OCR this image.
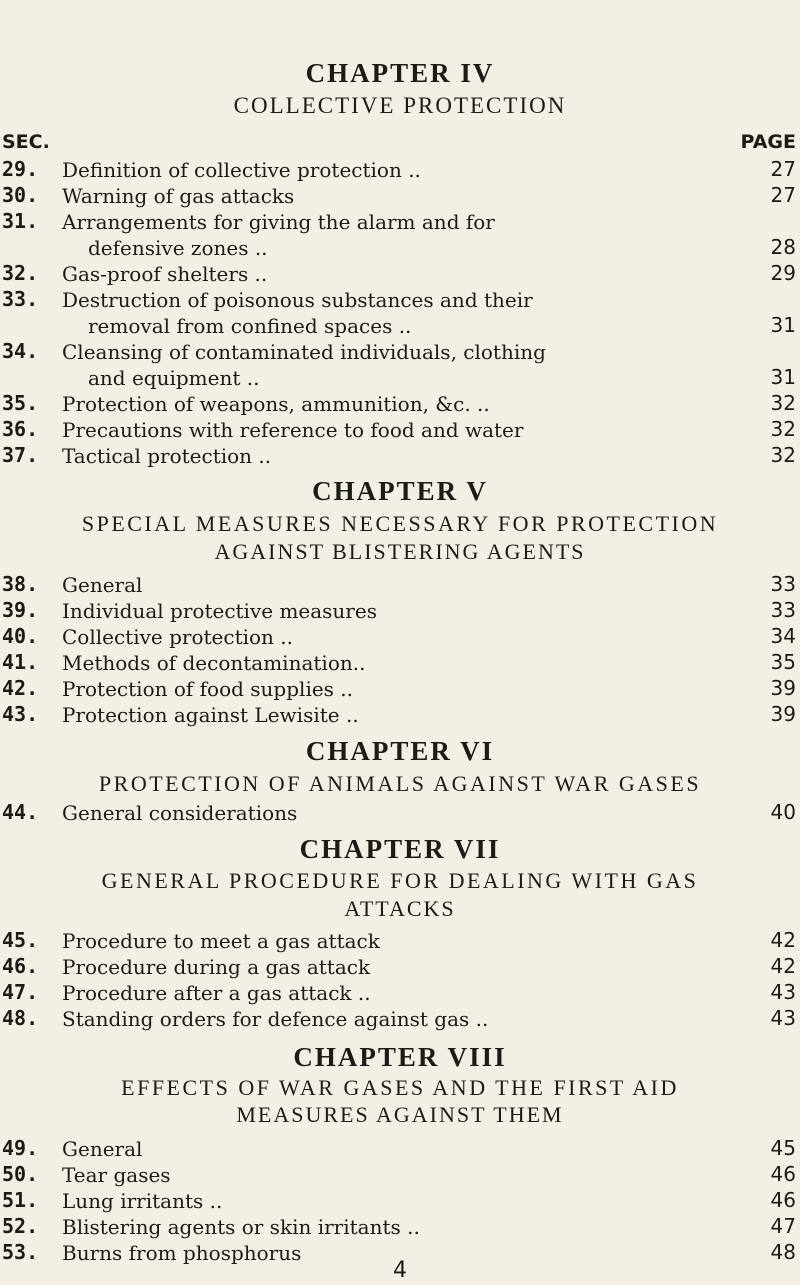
CHAPTER IV
COLLECTIVE PROTECTION
SEC.	PAGE
29. Definition of collective protection ..	27
30. Warning of gas attacks	27
31. Arrangements for giving the alarm and for
defensive zones ..	28
32. Gas-proof shelters ..	29
33. Destruction of poisonous substances and their
removal from confined spaces ..	31
34. Cleansing of contaminated individuals, clothing
and equipment ..	31
35. Protection of weapons, ammunition, &c. ..	32
36. Precautions with reference to food and water	32
37. Tactical protection ..	32
CHAPTER V
SPECIAL MEASURES NECESSARY FOR PROTECTION
AGAINST BLISTERING AGENTS
38. General	33
39. Individual protective measures	33
40. Collective protection ..	34
41. Methods of decontamination..	35
42. Protection of food supplies ..	39
43. Protection against Lewisite ..	39
CHAPTER VI
PROTECTION OF ANIMALS AGAINST WAR GASES
44. General considerations	40
CHAPTER VII
GENERAL PROCEDURE FOR DEALING WITH GAS
ATTACKS
45. Procedure to meet a gas attack	42
46. Procedure during a gas attack	42
47. Procedure after a gas attack ..	43
48. Standing orders for defence against gas ..	43
CHAPTER VIII
EFFECTS OF WAR GASES AND THE FIRST AID
MEASURES AGAINST THEM
49. General	45
50. Tear gases	46
51. Lung irritants ..	46
52. Blistering agents or skin irritants ..	47
53. Burns from phosphorus	48
4
